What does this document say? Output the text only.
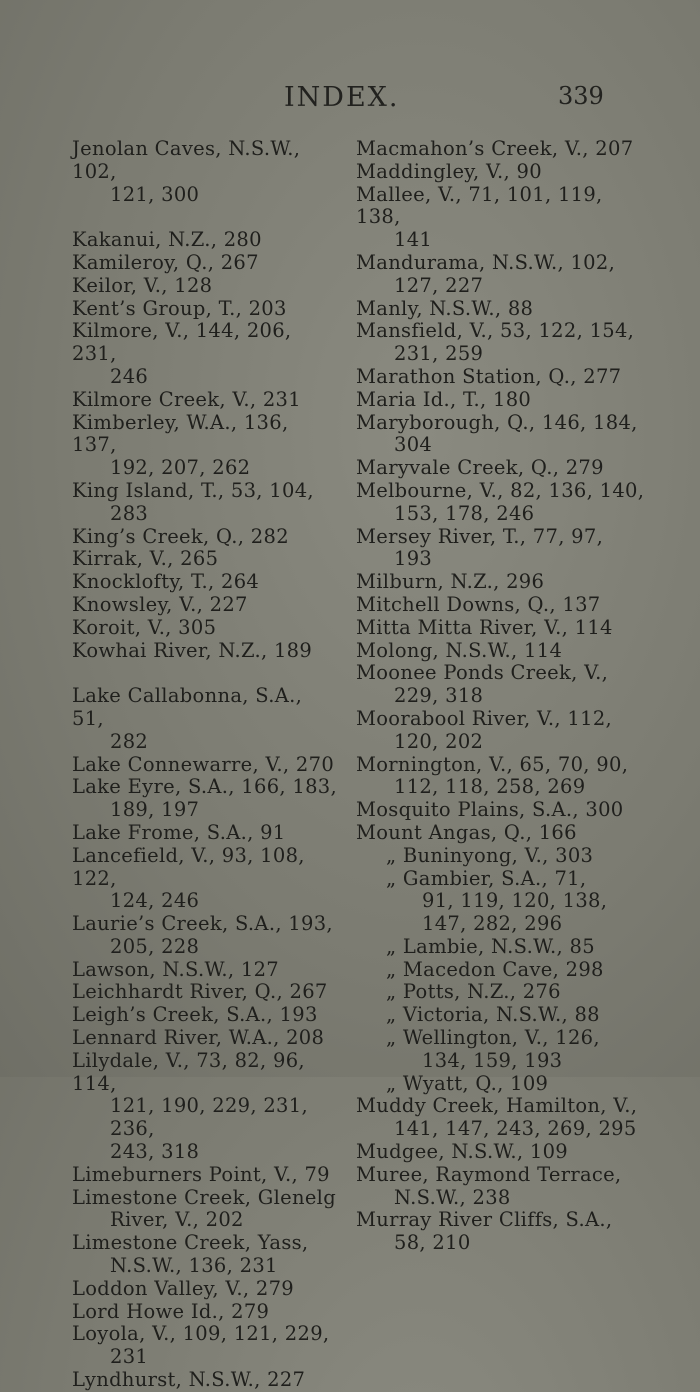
INDEX.	339
Jenolan Caves, N.S.W., 102,
121, 300
Kakanui, N.Z., 280
Kamileroy, Q., 267
Keilor, V., 128
Kent’s Group, T., 203
Kilmore, V., 144, 206, 231,
246
Kilmore Creek, V., 231
Kimberley, W.A., 136, 137,
192, 207, 262
King Island, T., 53, 104,
283
King’s Creek, Q., 282
Kirrak, V., 265
Knocklofty, T., 264
Knowsley, V., 227
Koroit, V., 305
Kowhai River, N.Z., 189
Lake Callabonna, S.A., 51,
282
Lake Connewarre, V., 270
Lake Eyre, S.A., 166, 183,
189, 197
Lake Frome, S.A., 91
Lancefield, V., 93, 108, 122,
124, 246
Laurie’s Creek, S.A., 193,
205, 228
Lawson, N.S.W., 127
Leichhardt River, Q., 267
Leigh’s Creek, S.A., 193
Lennard River, W.A., 208
Lilydale, V., 73, 82, 96, 114,
121, 190, 229, 231, 236,
243, 318
Limeburners Point, V., 79
Limestone Creek, Glenelg
River, V., 202
Limestone Creek, Yass,
N.S.W., 136, 231
Loddon Valley, V., 279
Lord Howe Id., 279
Loyola, V., 109, 121, 229,
231
Lyndhurst, N.S.W., 227
Macmahon’s Creek, V., 207
Maddingley, V., 90
Mallee, V., 71, 101, 119, 138,
141
Mandurama, N.S.W., 102,
127, 227
Manly, N.S.W., 88
Mansfield, V., 53, 122, 154,
231, 259
Marathon Station, Q., 277
Maria Id., T., 180
Maryborough, Q., 146, 184,
304
Maryvale Creek, Q., 279
Melbourne, V., 82, 136, 140,
153, 178, 246
Mersey River, T., 77, 97,
193
Milburn, N.Z., 296
Mitchell Downs, Q., 137
Mitta Mitta River, V., 114
Molong, N.S.W., 114
Moonee Ponds Creek, V.,
229, 318
Moorabool River, V., 112,
120, 202
Mornington, V., 65, 70, 90,
112, 118, 258, 269
Mosquito Plains, S.A., 300
Mount Angas, Q., 166
„ Buninyong, V., 303
„ Gambier, S.A., 71,
91, 119, 120, 138,
147, 282, 296
„ Lambie, N.S.W., 85
„ Macedon Cave, 298
„ Potts, N.Z., 276
„ Victoria, N.S.W., 88
„ Wellington, V., 126,
134, 159, 193
„ Wyatt, Q., 109
Muddy Creek, Hamilton, V.,
141, 147, 243, 269, 295
Mudgee, N.S.W., 109
Muree, Raymond Terrace,
N.S.W., 238
Murray River Cliffs, S.A.,
58, 210
